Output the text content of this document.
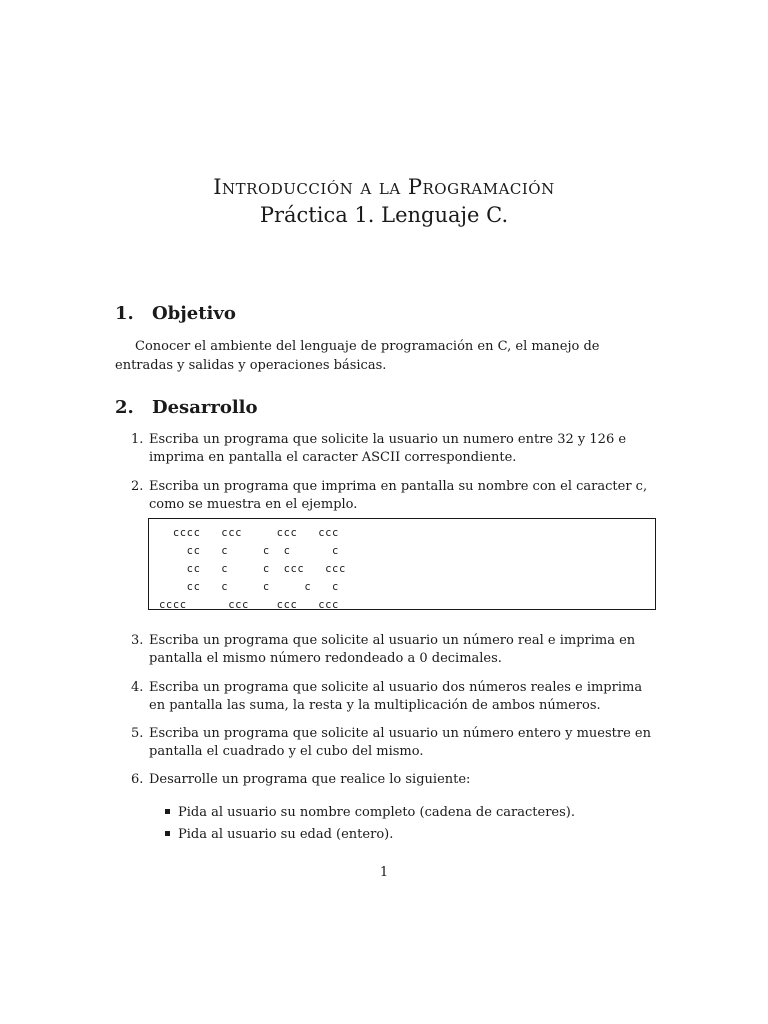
Introducción a la Programación
Práctica 1. Lenguaje C.
1. Objetivo
Conocer el ambiente del lenguaje de programación en C, el manejo de entradas y salidas y operaciones básicas.
2. Desarrollo
1. Escriba un programa que solicite la usuario un numero entre 32 y 126 e imprima en pantalla el caracter ASCII correspondiente.
2. Escriba un programa que imprima en pantalla su nombre con el caracter c, como se muestra en el ejemplo.
cccc   ccc     ccc   ccc
cc   c     c  c      c
cc   c     c  ccc   ccc
cc   c     c     c   c
cccc      ccc    ccc   ccc
3. Escriba un programa que solicite al usuario un número real e imprima en pantalla el mismo número redondeado a 0 decimales.
4. Escriba un programa que solicite al usuario dos números reales e imprima en pantalla las suma, la resta y la multiplicación de ambos números.
5. Escriba un programa que solicite al usuario un número entero y muestre en pantalla el cuadrado y el cubo del mismo.
6. Desarrolle un programa que realice lo siguiente:
Pida al usuario su nombre completo (cadena de caracteres).
Pida al usuario su edad (entero).
1
